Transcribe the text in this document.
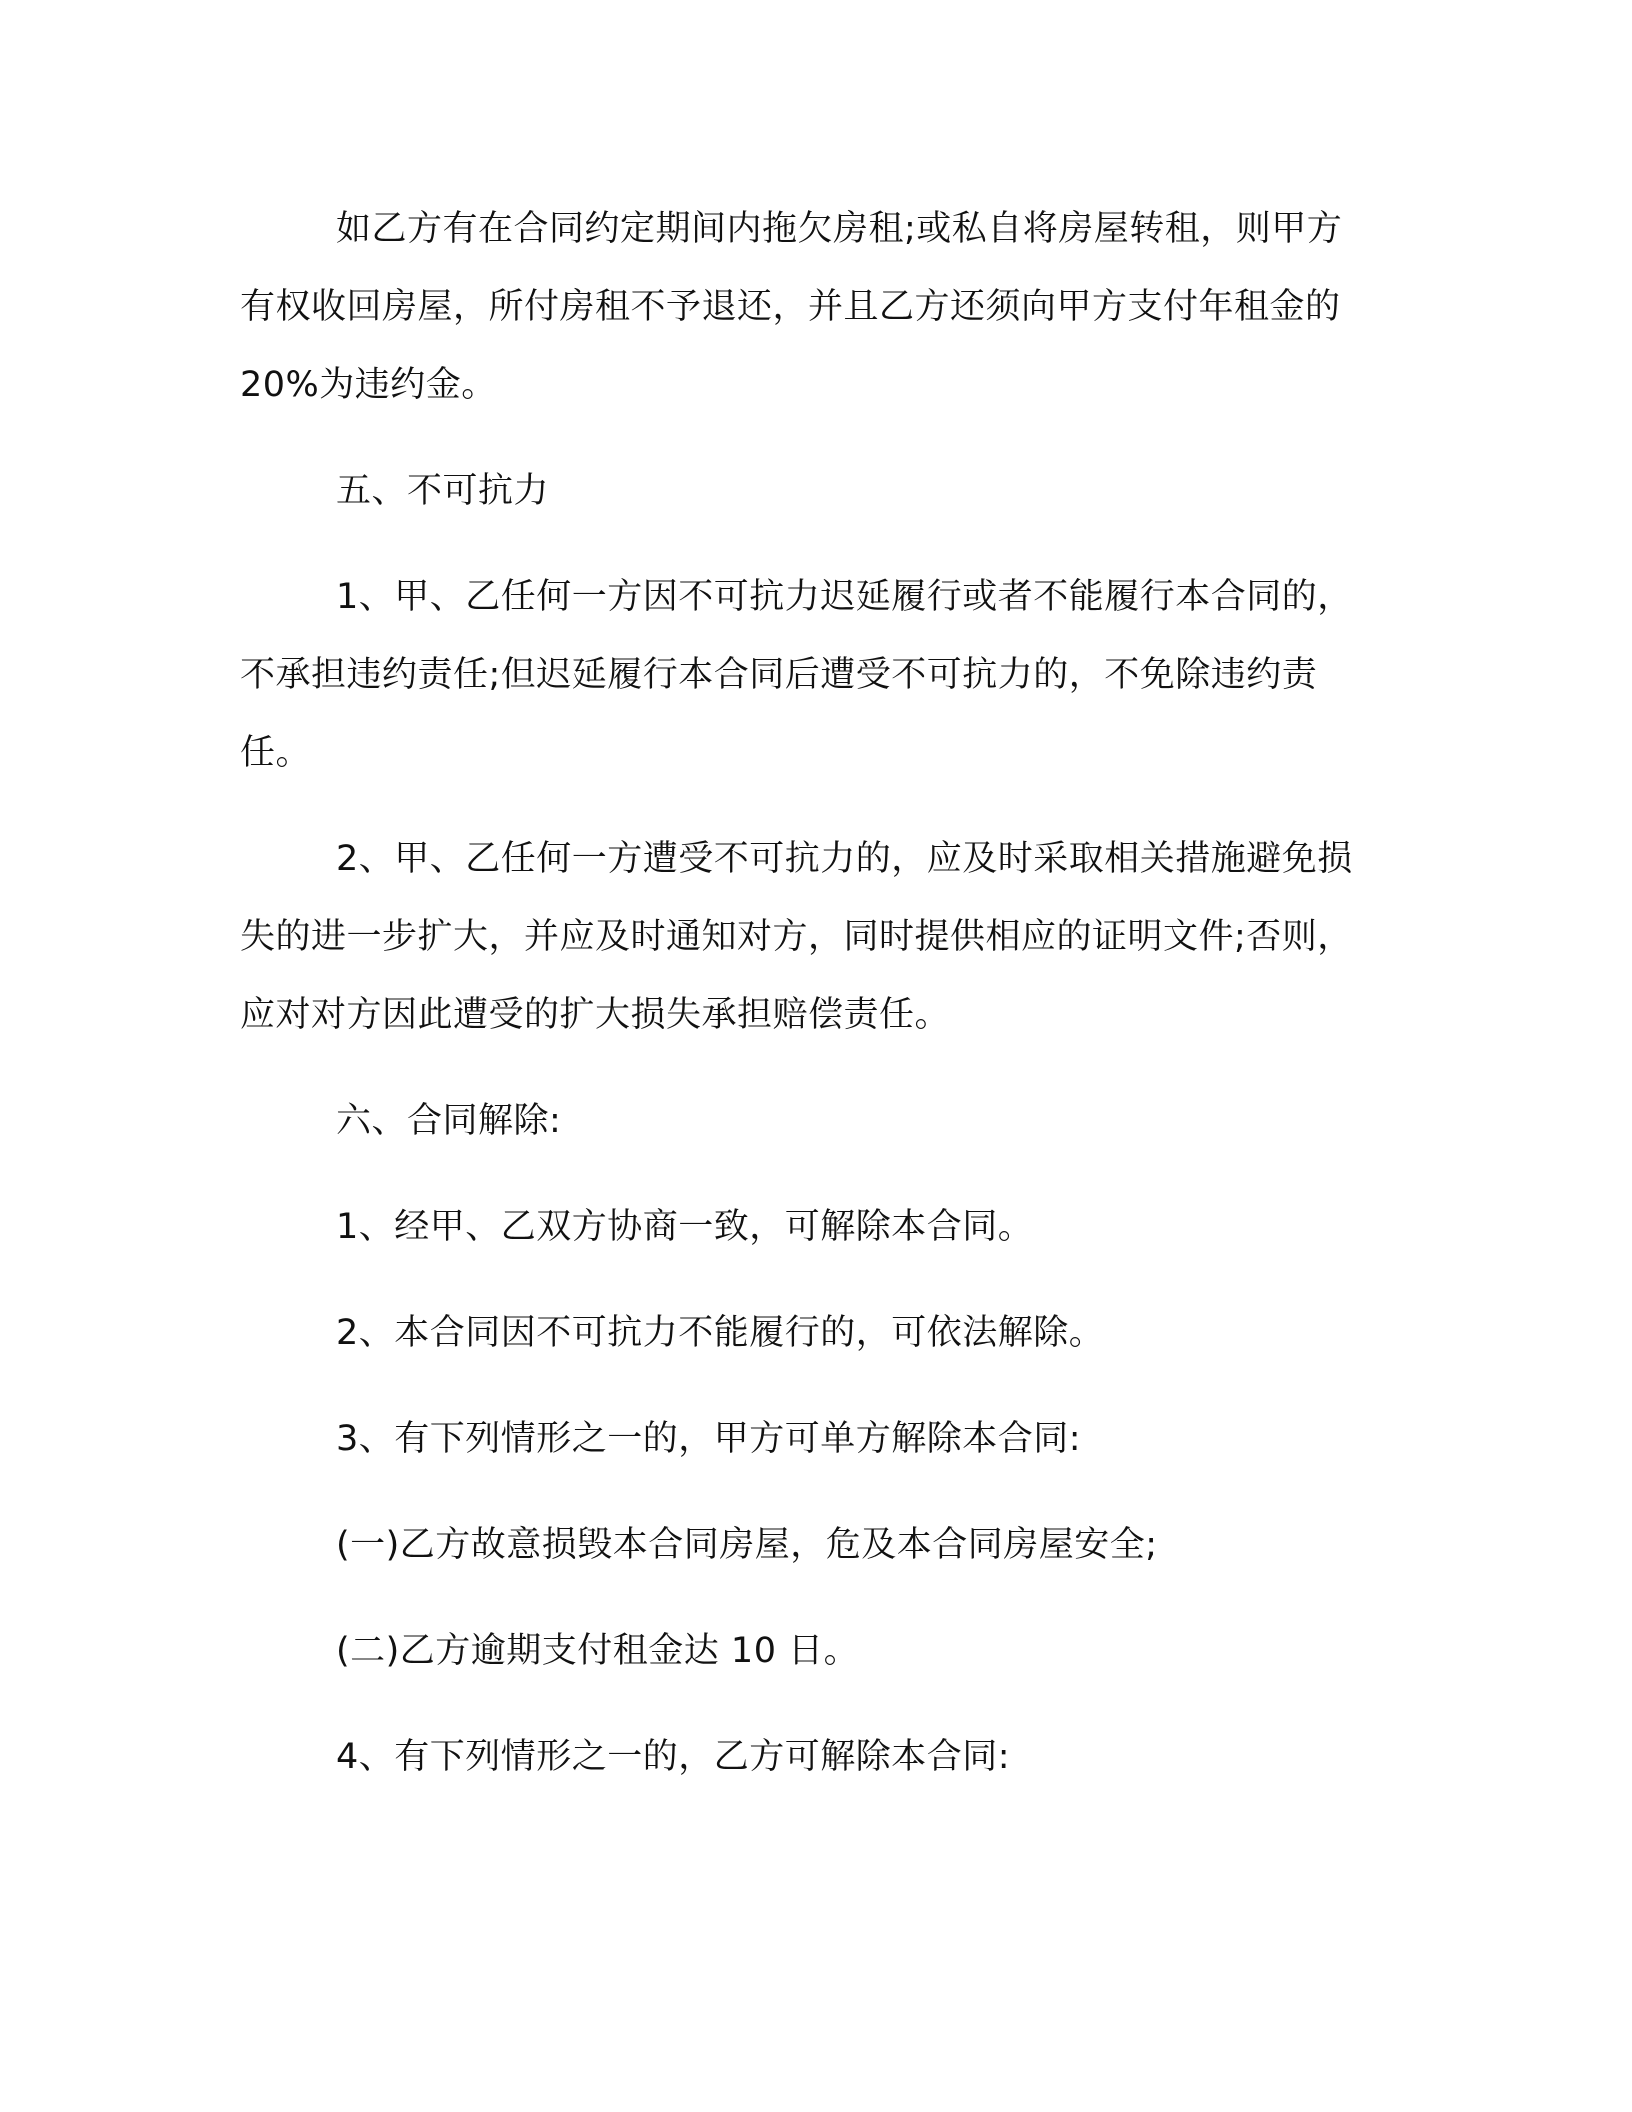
如乙方有在合同约定期间内拖欠房租;或私自将房屋转租，则甲方有权收回房屋，所付房租不予退还，并且乙方还须向甲方支付年租金的 20%为违约金。

五、不可抗力

1、甲、乙任何一方因不可抗力迟延履行或者不能履行本合同的，不承担违约责任;但迟延履行本合同后遭受不可抗力的，不免除违约责任。

2、甲、乙任何一方遭受不可抗力的，应及时采取相关措施避免损失的进一步扩大，并应及时通知对方，同时提供相应的证明文件;否则，应对对方因此遭受的扩大损失承担赔偿责任。

六、合同解除:

1、经甲、乙双方协商一致，可解除本合同。

2、本合同因不可抗力不能履行的，可依法解除。

3、有下列情形之一的，甲方可单方解除本合同:

(一)乙方故意损毁本合同房屋，危及本合同房屋安全;

(二)乙方逾期支付租金达 10 日。

4、有下列情形之一的，乙方可解除本合同:
